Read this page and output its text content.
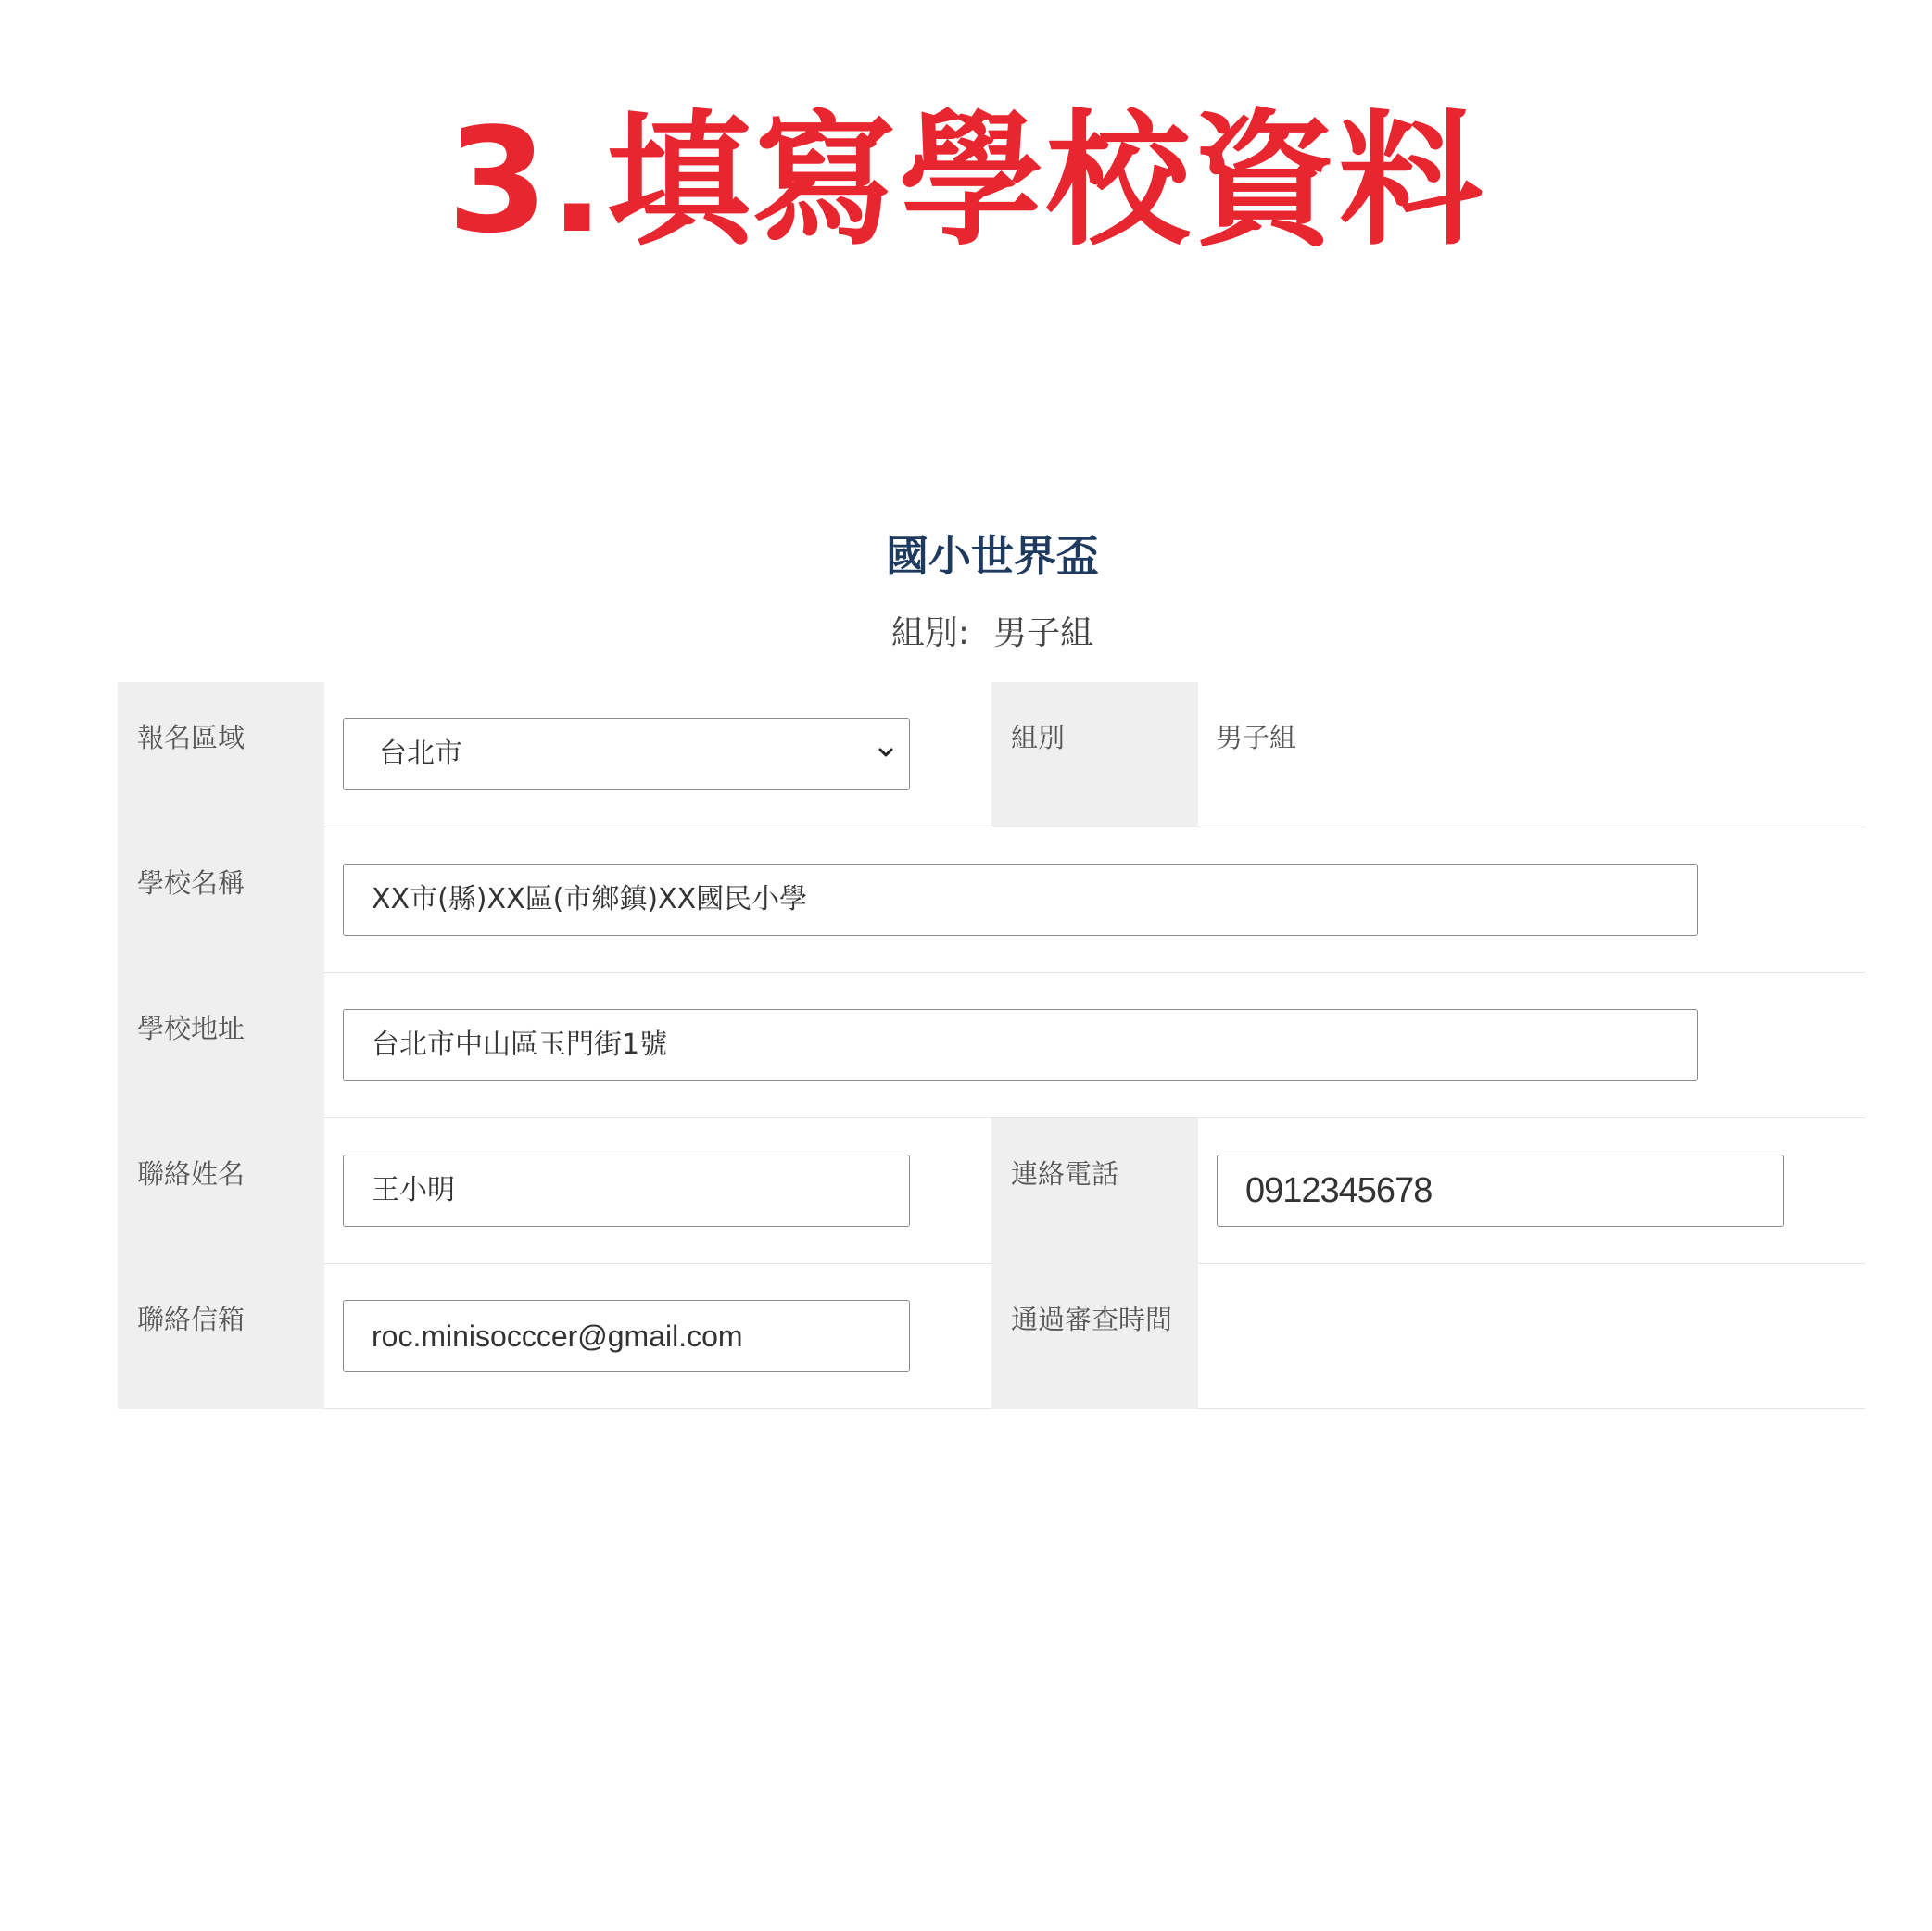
3.填寫學校資料
國小世界盃
組別: 男子組
報名區域	台北市	組別	男子組
學校名稱	XX市(縣)XX區(市鄉鎮)XX國民小學
學校地址	台北市中山區玉門街1號
聯絡姓名	王小明	連絡電話	0912345678
聯絡信箱	roc.minisocccer@gmail.com	通過審查時間
